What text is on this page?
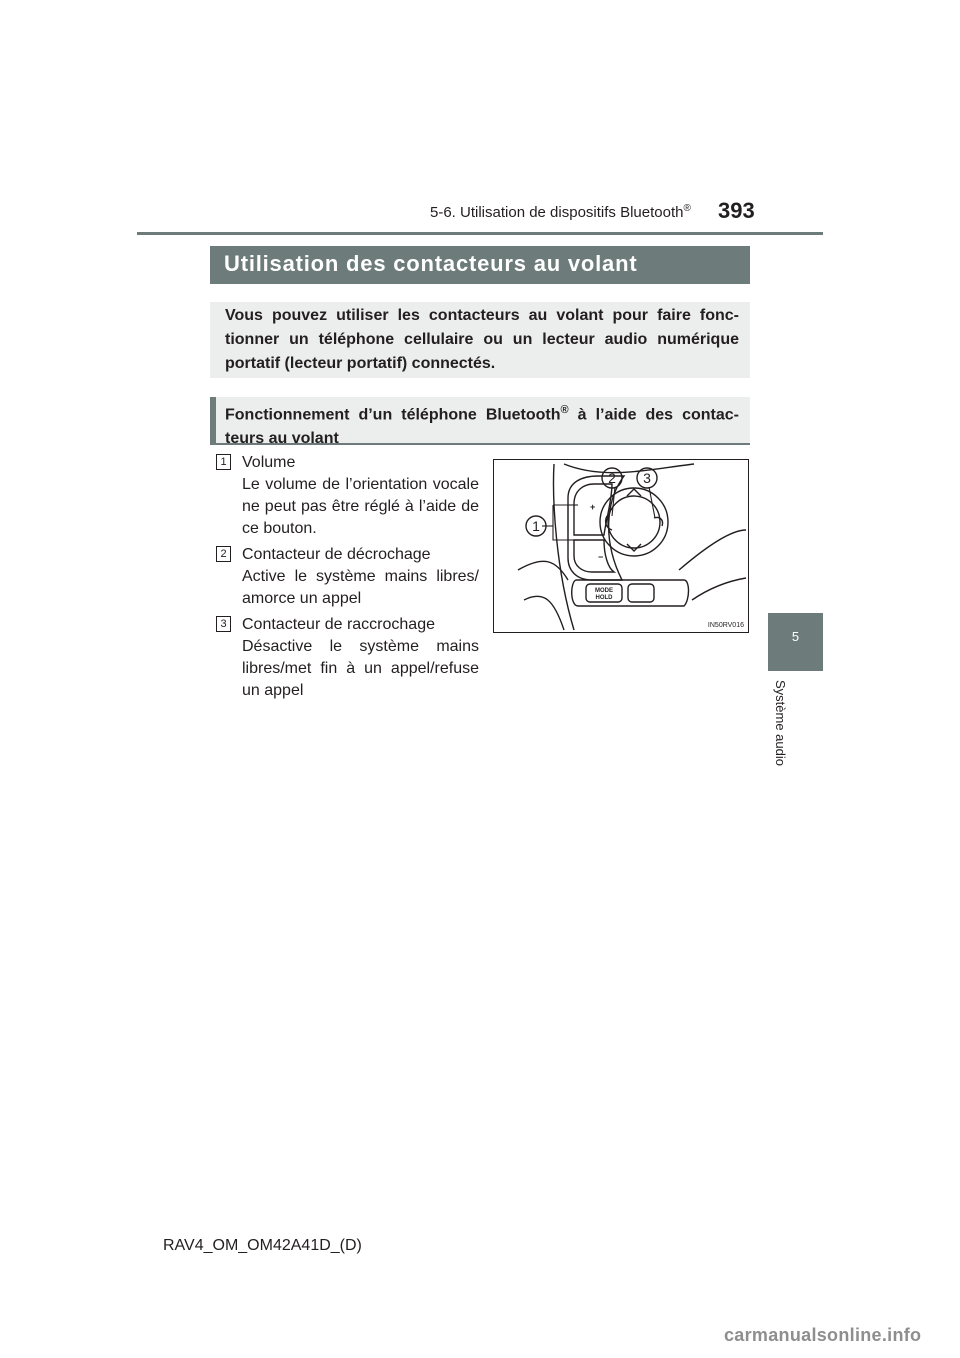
5-6. Utilisation de dispositifs Bluetooth® 393
Utilisation des contacteurs au volant
Vous pouvez utiliser les contacteurs au volant pour faire fonc-tionner un téléphone cellulaire ou un lecteur audio numérique portatif (lecteur portatif) connectés.
Fonctionnement d’un téléphone Bluetooth® à l’aide des contac-teurs au volant
1 Volume
Le volume de l’orientation vocale ne peut pas être réglé à l’aide de ce bouton.
2 Contacteur de décrochage
Active le système mains libres/ amorce un appel
3 Contacteur de raccrochage
Désactive le système mains libres/met fin à un appel/refuse un appel
1
2 3
+
−
MODE
HOLD
IN50RV016
5
Système audio
RAV4_OM_OM42A41D_(D)
carmanualsonline.info
